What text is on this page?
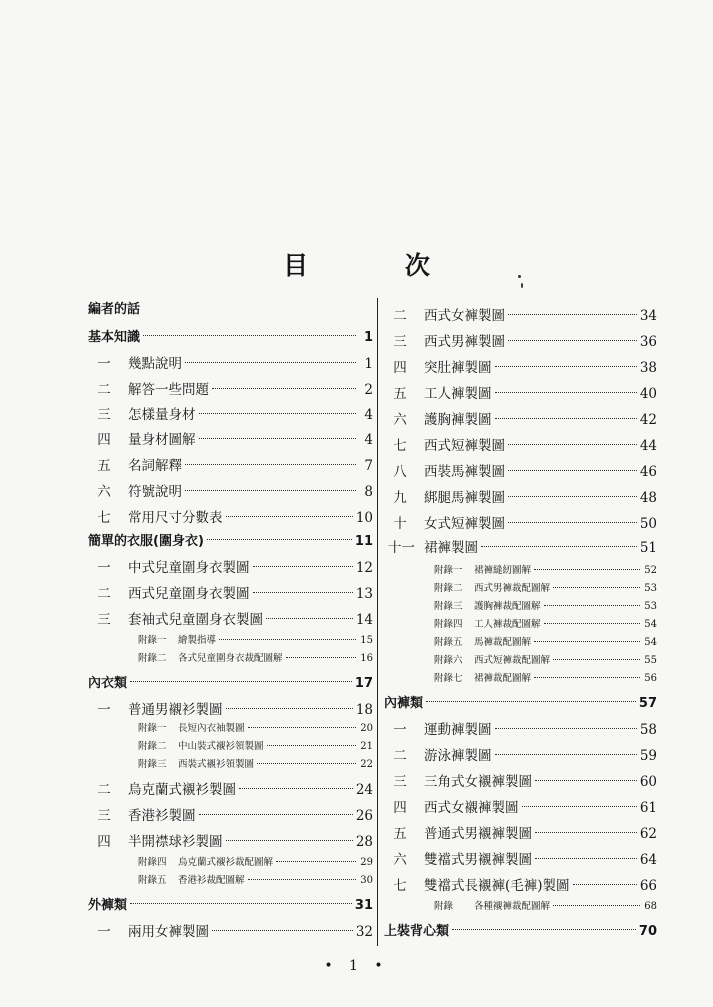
目 次
編者的話
基本知識	1
一	幾點說明	1
二	解答一些問題	2
三	怎樣量身材	4
四	量身材圖解	4
五	名詞解釋	7
六	符號說明	8
七	常用尺寸分數表	10
簡單的衣服(圍身衣)	11
一	中式兒童圍身衣製圖	12
二	西式兒童圍身衣製圖	13
三	套袖式兒童圍身衣製圖	14
附錄一	繪製指導	15
附錄二	各式兒童圍身衣裁配圖解	16
內衣類	17
一	普通男襯衫製圖	18
附錄一	長短內衣袖製圖	20
附錄二	中山裝式襯衫領製圖	21
附錄三	西裝式襯衫領製圖	22
二	烏克蘭式襯衫製圖	24
三	香港衫製圖	26
四	半開襟球衫製圖	28
附錄四	烏克蘭式襯衫裁配圖解	29
附錄五	香港衫裁配圖解	30
外褲類	31
一	兩用女褲製圖	32
二	西式女褲製圖	34
三	西式男褲製圖	36
四	突肚褲製圖	38
五	工人褲製圖	40
六	護胸褲製圖	42
七	西式短褲製圖	44
八	西裝馬褲製圖	46
九	綁腿馬褲製圖	48
十	女式短褲製圖	50
十一 裙褲製圖	51
附錄一	裙褲縫紉圖解	52
附錄二	西式男褲裁配圖解	53
附錄三	護胸褲裁配圖解	53
附錄四	工人褲裁配圖解	54
附錄五	馬褲裁配圖解	54
附錄六	西式短褲裁配圖解	55
附錄七	裙褲裁配圖解	56
內褲類	57
一	運動褲製圖	58
二	游泳褲製圖	59
三	三角式女襯褲製圖	60
四	西式女襯褲製圖	61
五	普通式男襯褲製圖	62
六	雙襠式男襯褲製圖	64
七	雙襠式長襯褲(毛褲)製圖	66
附錄	各種襯褲裁配圖解	68
上裝背心類	70
• 1 •
